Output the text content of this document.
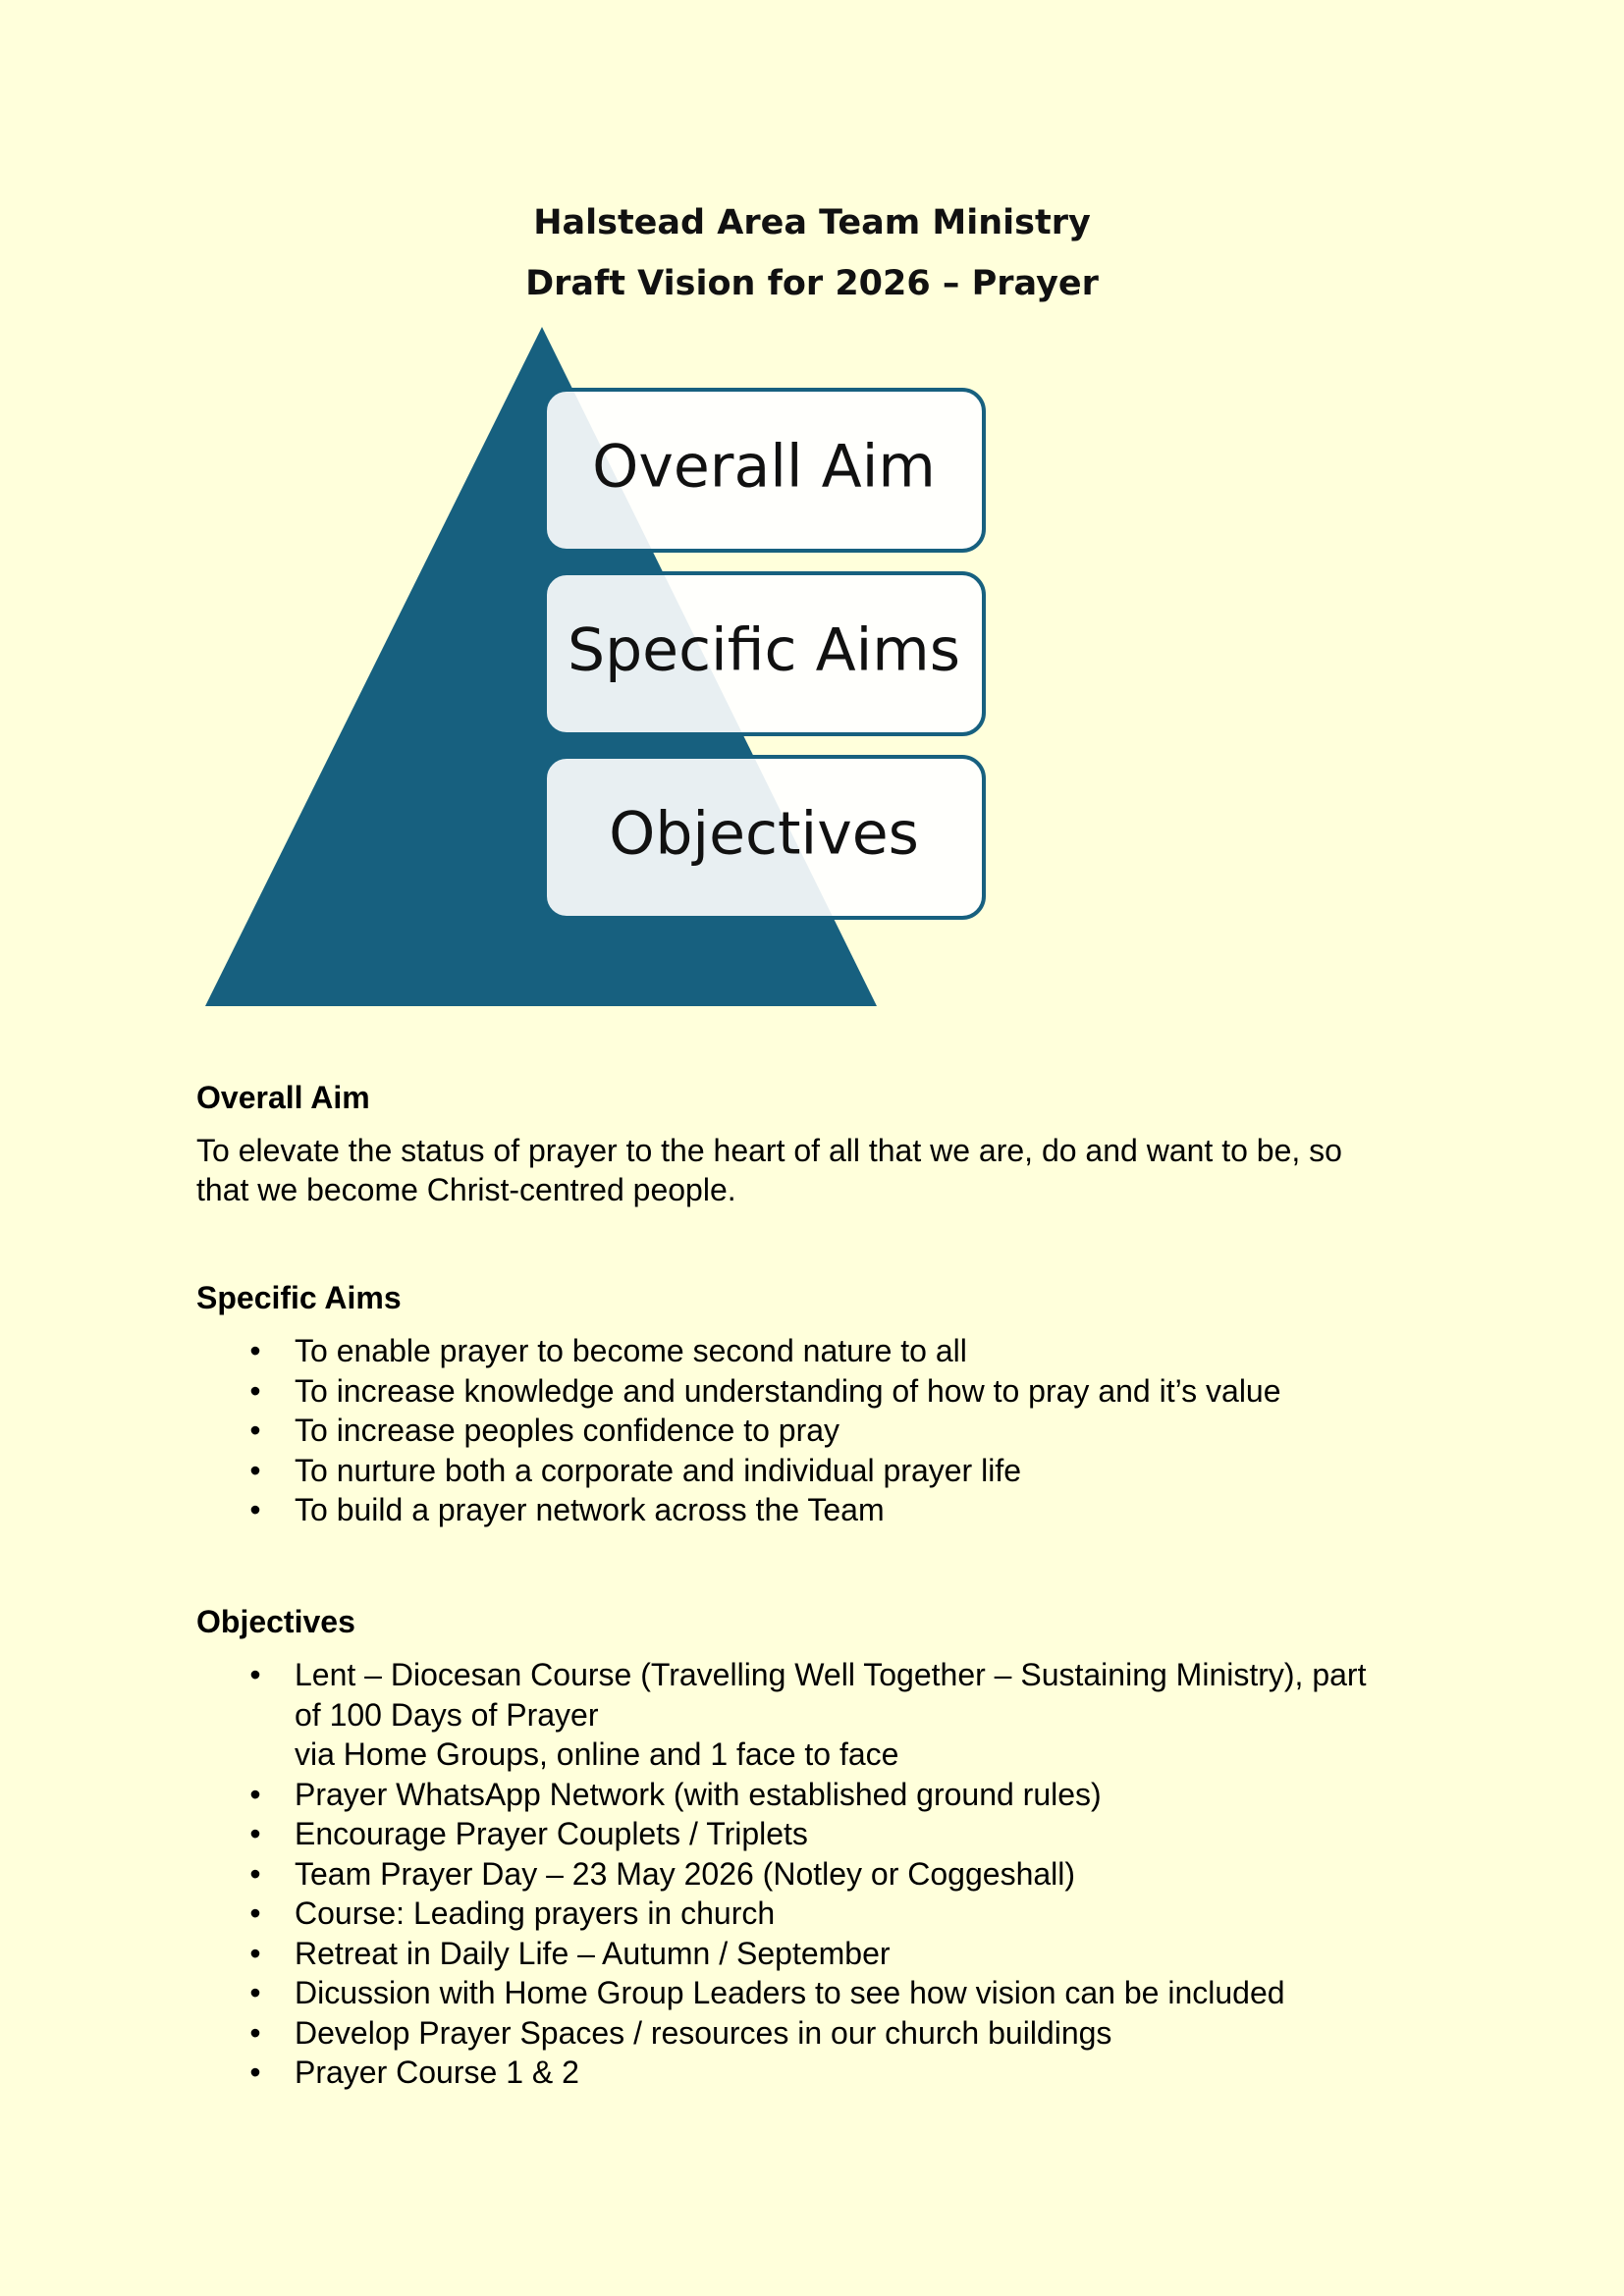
Halstead Area Team Ministry
Draft Vision for 2026 – Prayer
Overall Aim
Specific Aims
Objectives
Overall Aim

To elevate the status of prayer to the heart of all that we are, do and want to be, so
that we become Christ-centred people.

Specific Aims
• To enable prayer to become second nature to all
• To increase knowledge and understanding of how to pray and it’s value
• To increase peoples confidence to pray
• To nurture both a corporate and individual prayer life
• To build a prayer network across the Team
Objectives
• Lent – Diocesan Course (Travelling Well Together – Sustaining Ministry), part
of 100 Days of Prayer
via Home Groups, online and 1 face to face
• Prayer WhatsApp Network (with established ground rules)
• Encourage Prayer Couplets / Triplets
• Team Prayer Day – 23 May 2026 (Notley or Coggeshall)
• Course: Leading prayers in church
• Retreat in Daily Life – Autumn / September
• Dicussion with Home Group Leaders to see how vision can be included
• Develop Prayer Spaces / resources in our church buildings
• Prayer Course 1 & 2
